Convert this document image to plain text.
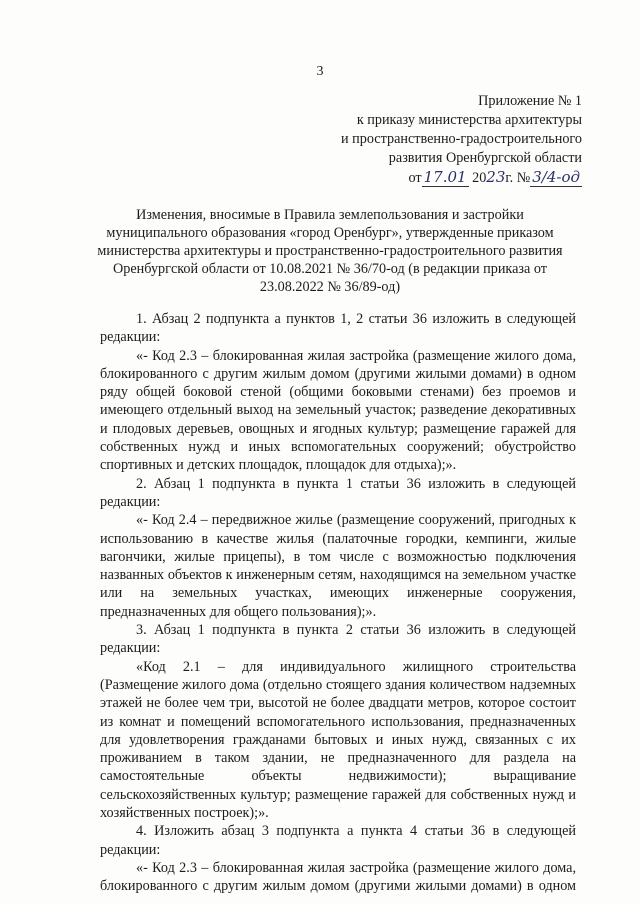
3
Приложение № 1
к приказу министерства архитектуры
и пространственно-градостроительного
развития Оренбургской области
от 17.01 2023г. № 3/4-од
Изменения, вносимые в Правила землепользования и застройки
муниципального образования «город Оренбург», утвержденные приказом
министерства архитектуры и пространственно-градостроительного развития
Оренбургской области от 10.08.2021 № 36/70-од (в редакции приказа от
23.08.2022 № 36/89-од)
1. Абзац 2 подпункта а пунктов 1, 2 статьи 36 изложить в следующей
редакции:
«- Код 2.3 – блокированная жилая застройка (размещение жилого дома,
блокированного с другим жилым домом (другими жилыми домами) в одном
ряду общей боковой стеной (общими боковыми стенами) без проемов и
имеющего отдельный выход на земельный участок; разведение декоративных
и плодовых деревьев, овощных и ягодных культур; размещение гаражей для
собственных нужд и иных вспомогательных сооружений; обустройство
спортивных и детских площадок, площадок для отдыха);».
2. Абзац 1 подпункта в пункта 1 статьи 36 изложить в следующей
редакции:
«- Код 2.4 – передвижное жилье (размещение сооружений, пригодных к
использованию в качестве жилья (палаточные городки, кемпинги, жилые
вагончики, жилые прицепы), в том числе с возможностью подключения
названных объектов к инженерным сетям, находящимся на земельном участке
или на земельных участках, имеющих инженерные сооружения,
предназначенных для общего пользования);».
3. Абзац 1 подпункта в пункта 2 статьи 36 изложить в следующей
редакции:
«Код 2.1 – для индивидуального жилищного строительства
(Размещение жилого дома (отдельно стоящего здания количеством надземных
этажей не более чем три, высотой не более двадцати метров, которое состоит
из комнат и помещений вспомогательного использования, предназначенных
для удовлетворения гражданами бытовых и иных нужд, связанных с их
проживанием в таком здании, не предназначенного для раздела на
самостоятельные объекты недвижимости); выращивание
сельскохозяйственных культур; размещение гаражей для собственных нужд и
хозяйственных построек);».
4. Изложить абзац 3 подпункта а пункта 4 статьи 36 в следующей
редакции:
«- Код 2.3 – блокированная жилая застройка (размещение жилого дома,
блокированного с другим жилым домом (другими жилыми домами) в одном
